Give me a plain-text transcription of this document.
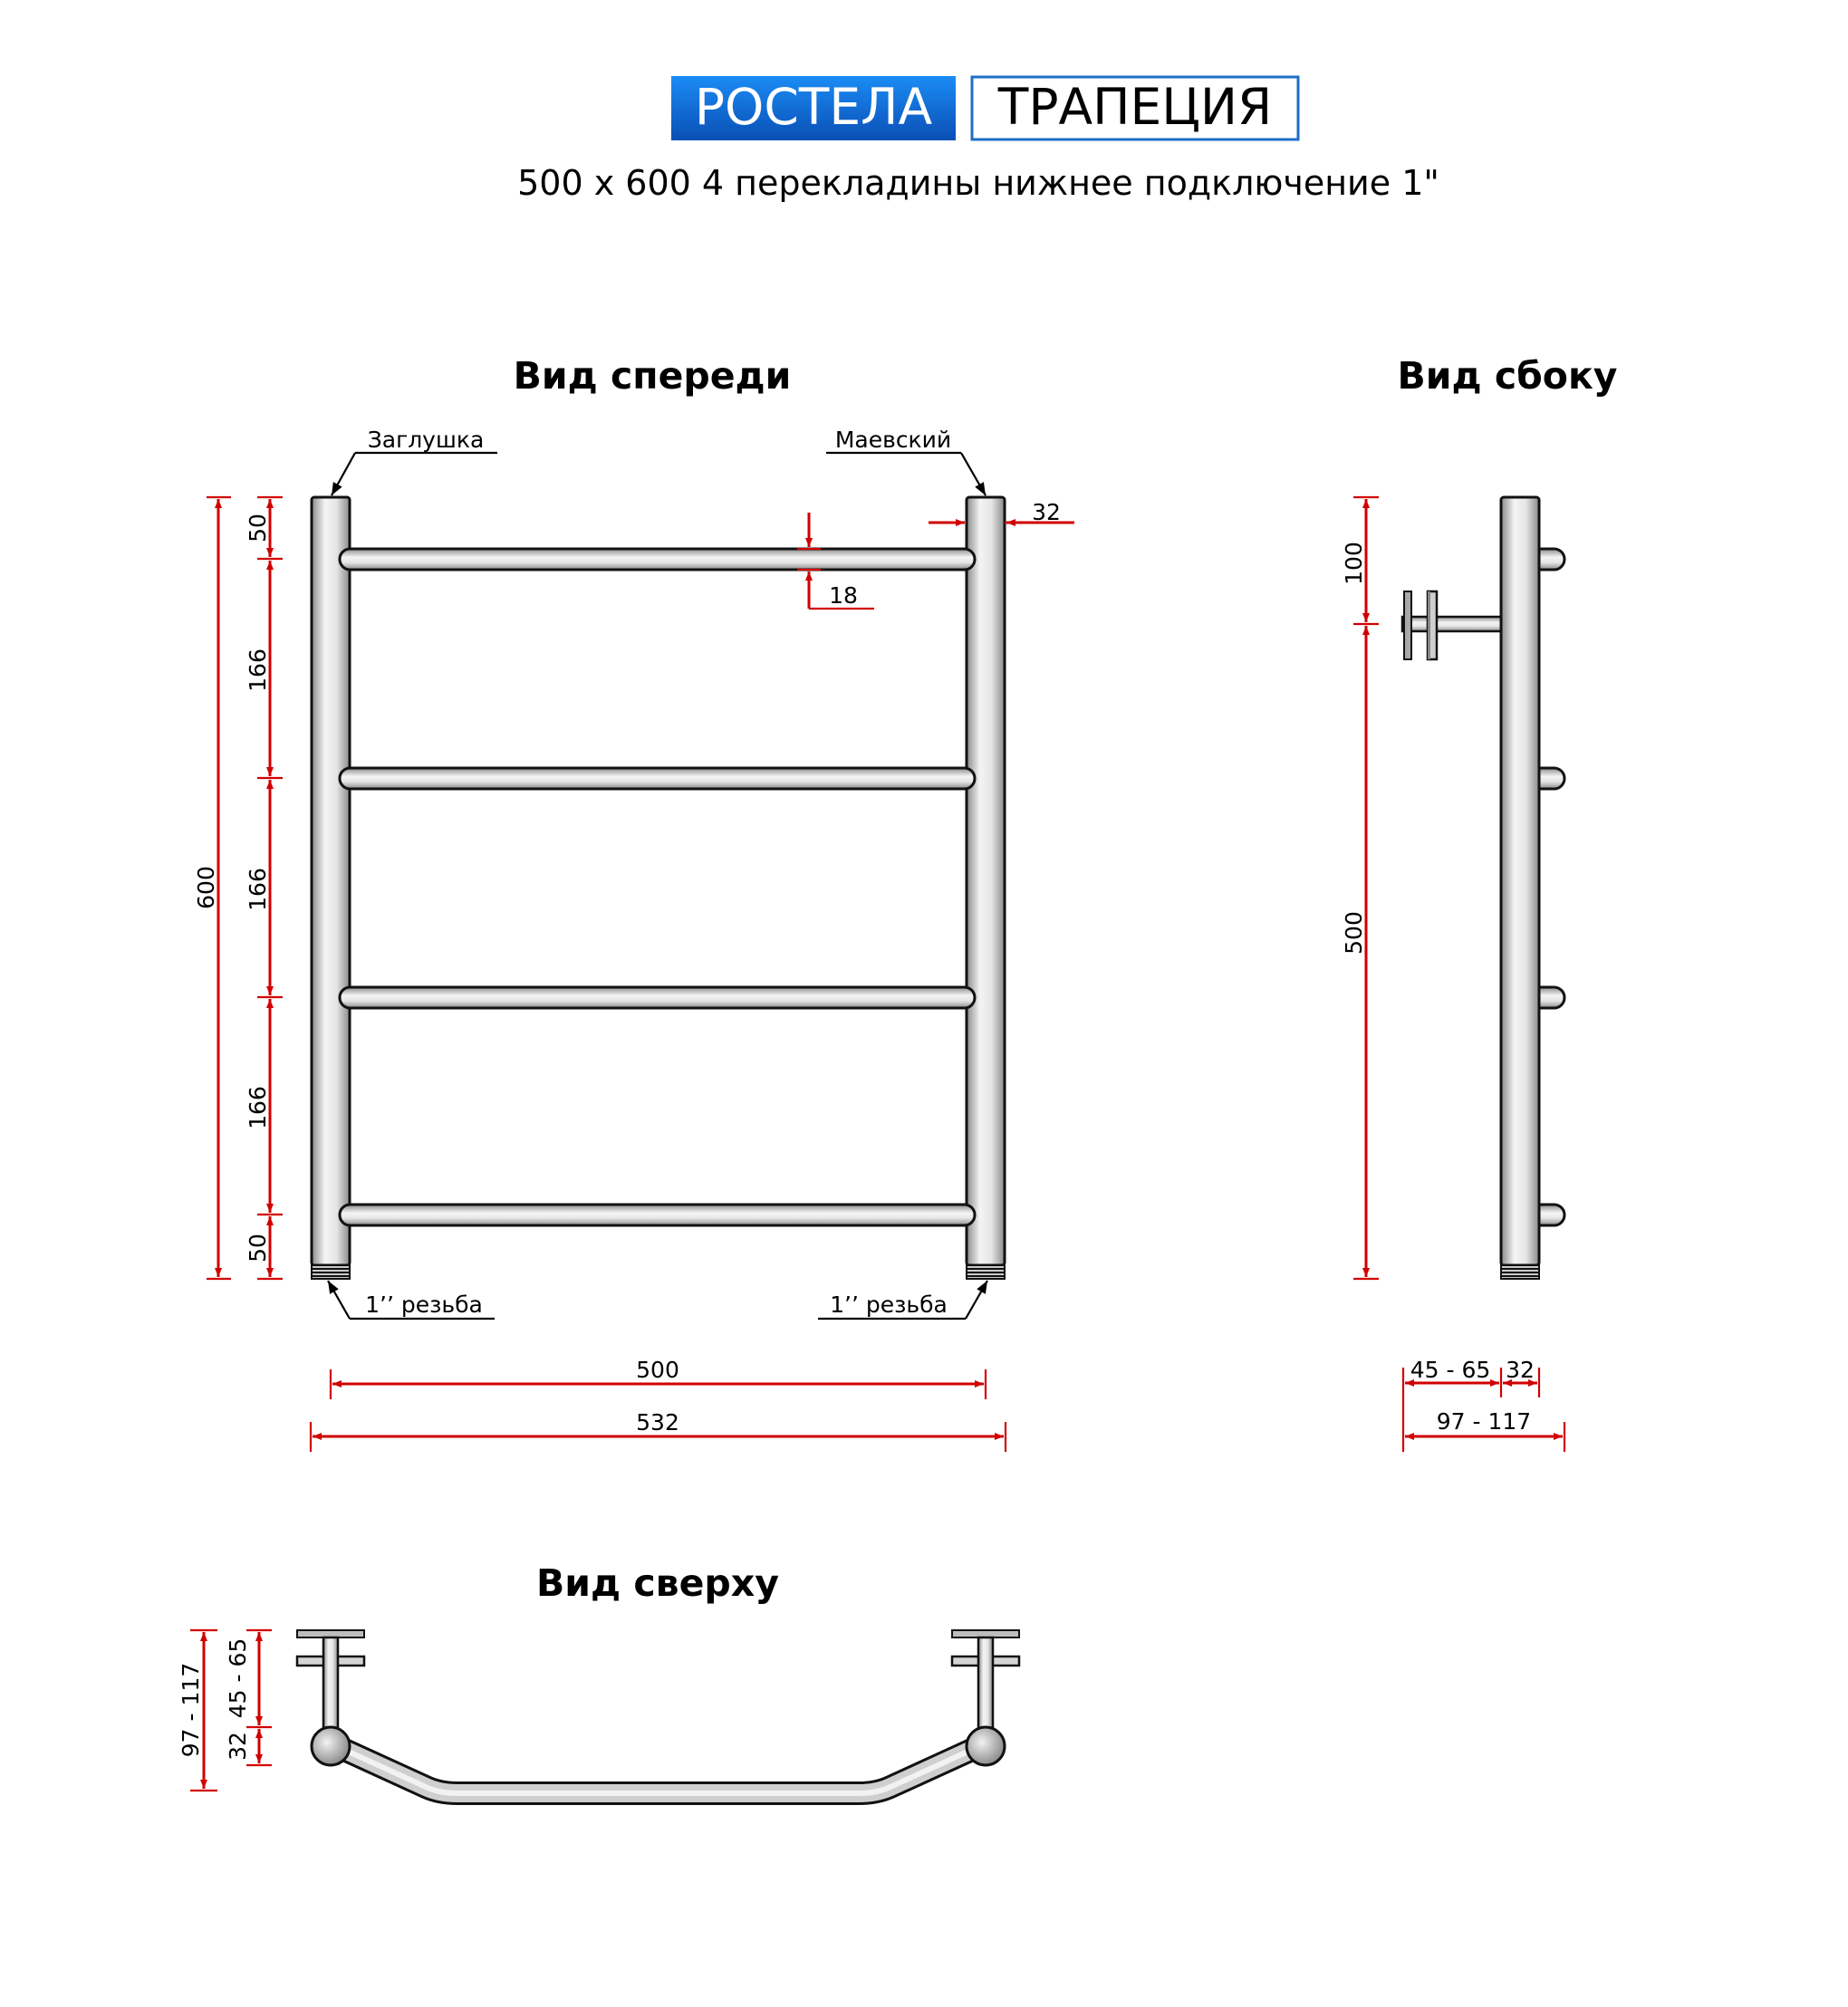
РОСТЕЛА ТРАПЕЦИЯ
500 х 600 4 перекладины нижнее подключение 1"
Вид спереди
Заглушка	Маевский
1’’ резьба	1’’ резьба
600
50
166
166
166
50
32
18
500
532
Вид сбоку
100
500
45 - 65 32
97 - 117
Вид сверху
97 - 117 45 - 65
32
